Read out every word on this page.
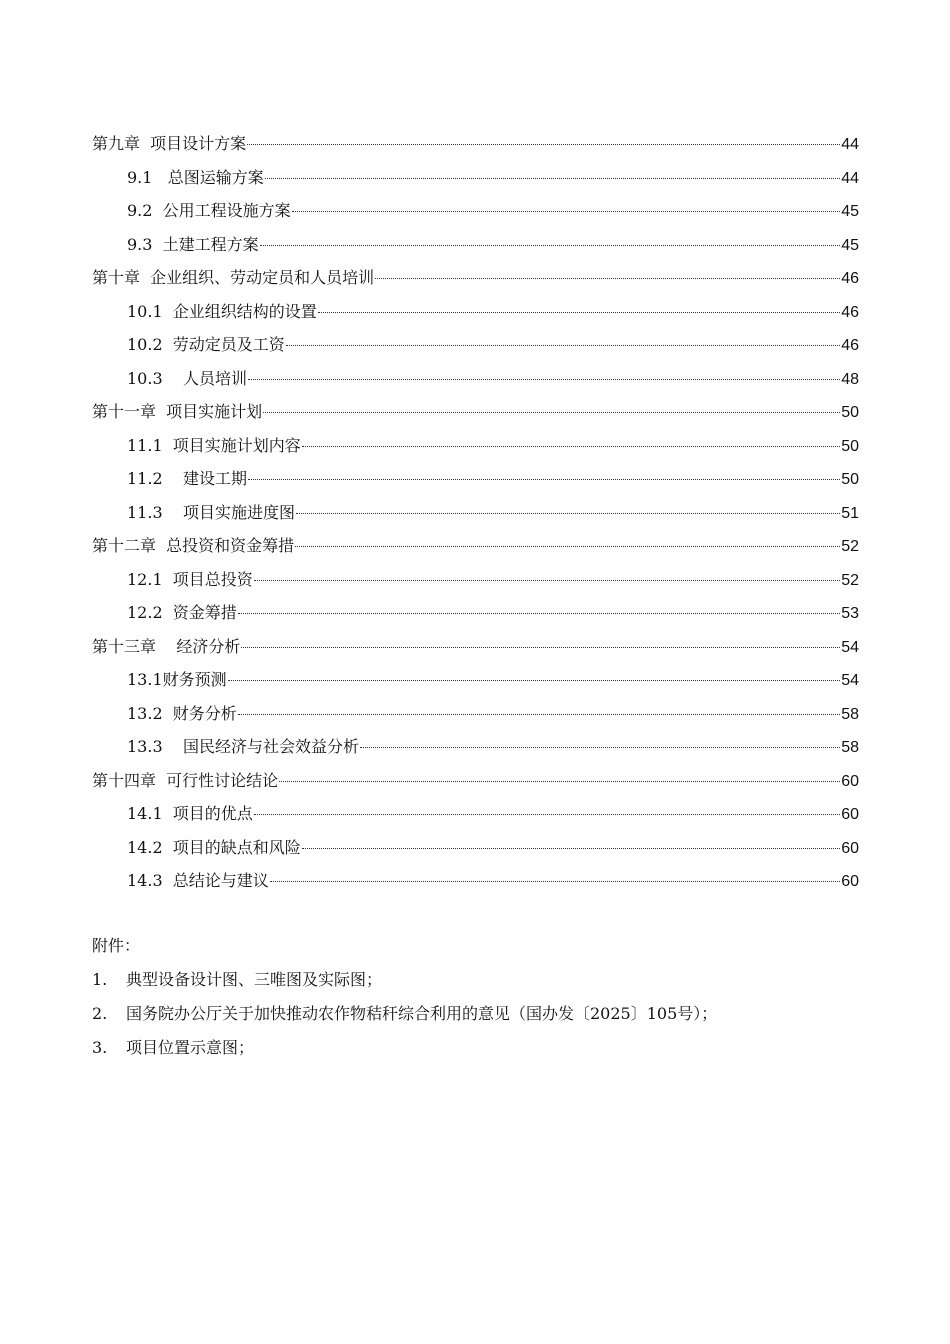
第九章  项目设计方案	44
9.1   总图运输方案	44
9.2  公用工程设施方案	45
9.3  土建工程方案	45
第十章  企业组织、劳动定员和人员培训	46
10.1  企业组织结构的设置	46
10.2  劳动定员及工资	46
10.3    人员培训	48
第十一章  项目实施计划	50
11.1  项目实施计划内容	50
11.2    建设工期	50
11.3    项目实施进度图	51
第十二章  总投资和资金筹措	52
12.1  项目总投资	52
12.2  资金筹措	53
第十三章    经济分析	54
13.1财务预测	54
13.2  财务分析	58
13.3    国民经济与社会效益分析	58
第十四章  可行性讨论结论	60
14.1  项目的优点	60
14.2  项目的缺点和风险	60
14.3  总结论与建议	60
附件：
1. 典型设备设计图、三唯图及实际图；
2. 国务院办公厅关于加快推动农作物秸秆综合利用的意见（国办发〔2025〕105号）；
3. 项目位置示意图；
